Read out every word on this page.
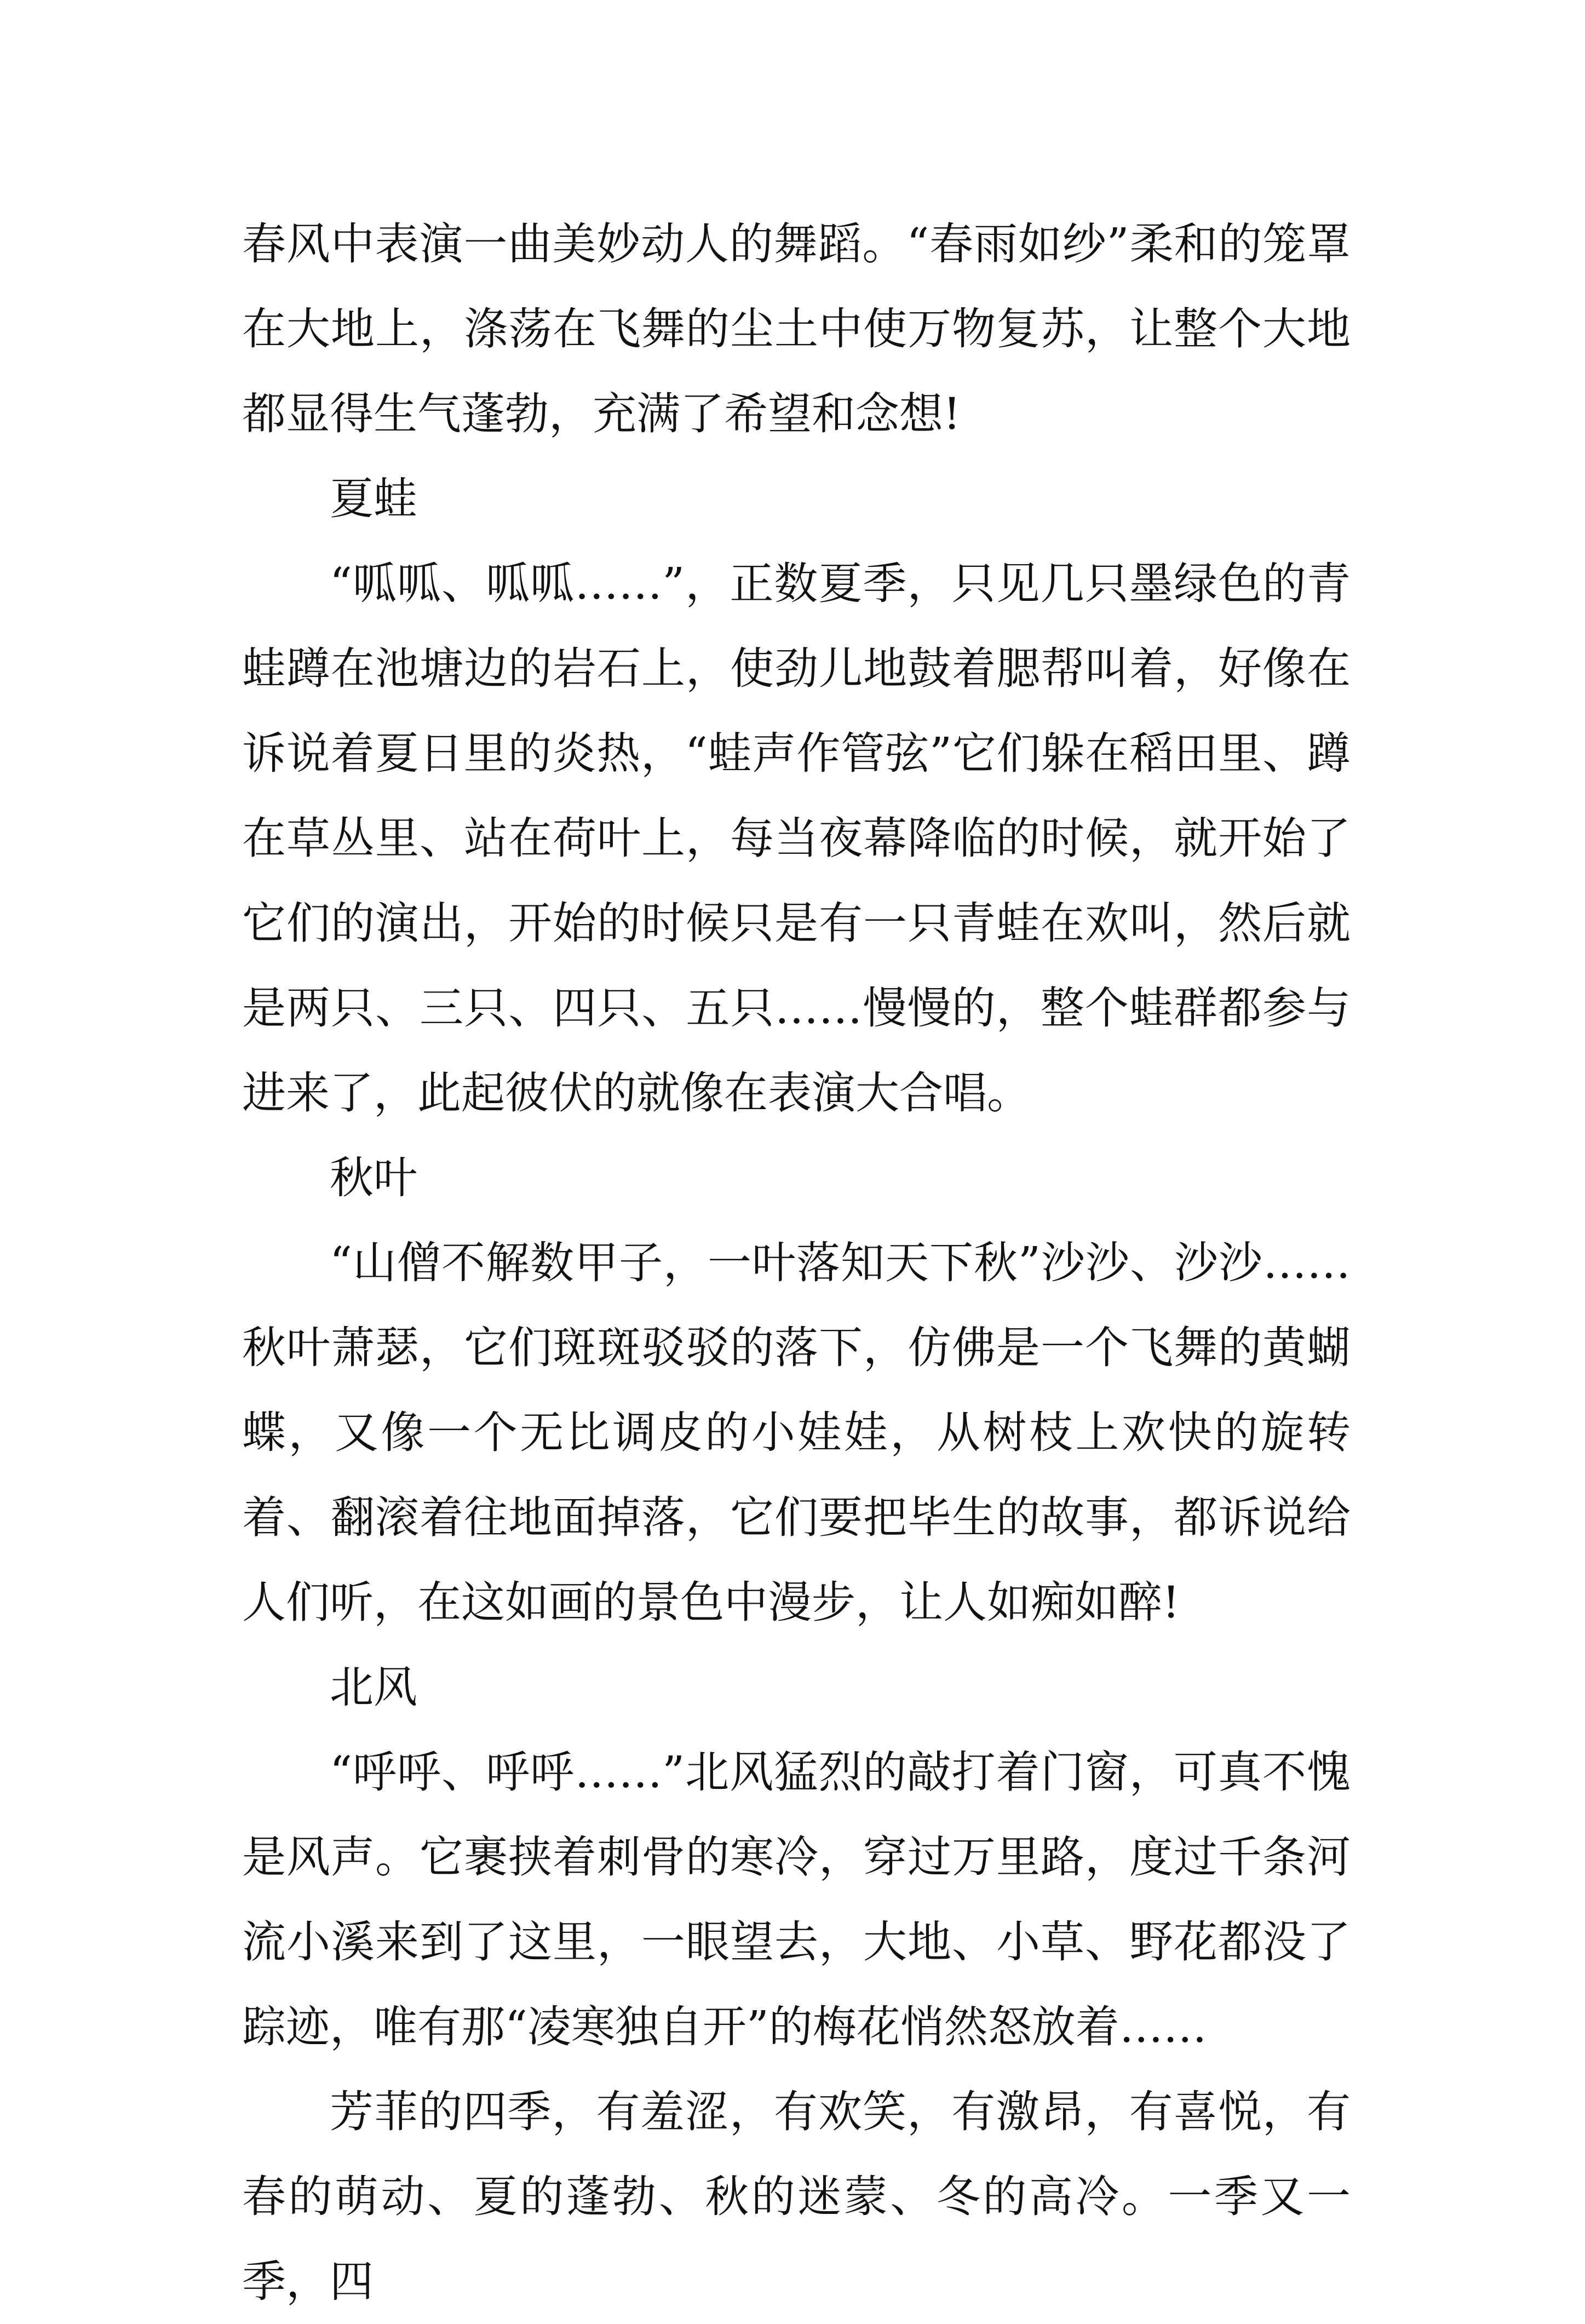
春风中表演一曲美妙动人的舞蹈。“春雨如纱”柔和的笼罩在大地上，涤荡在飞舞的尘土中使万物复苏，让整个大地都显得生气蓬勃，充满了希望和念想!

夏蛙

“呱呱、呱呱……”，正数夏季，只见几只墨绿色的青蛙蹲在池塘边的岩石上，使劲儿地鼓着腮帮叫着，好像在诉说着夏日里的炎热，“蛙声作管弦”它们躲在稻田里、蹲在草丛里、站在荷叶上，每当夜幕降临的时候，就开始了它们的演出，开始的时候只是有一只青蛙在欢叫，然后就是两只、三只、四只、五只……慢慢的，整个蛙群都参与进来了，此起彼伏的就像在表演大合唱。

秋叶

“山僧不解数甲子，一叶落知天下秋”沙沙、沙沙……秋叶萧瑟，它们斑斑驳驳的落下，仿佛是一个飞舞的黄蝴蝶，又像一个无比调皮的小娃娃，从树枝上欢快的旋转着、翻滚着往地面掉落，它们要把毕生的故事，都诉说给人们听，在这如画的景色中漫步，让人如痴如醉!

北风

“呼呼、呼呼……”北风猛烈的敲打着门窗，可真不愧是风声。它裹挟着刺骨的寒冷，穿过万里路，度过千条河流小溪来到了这里，一眼望去，大地、小草、野花都没了踪迹，唯有那“凌寒独自开”的梅花悄然怒放着……

芳菲的四季，有羞涩，有欢笑，有激昂，有喜悦，有春的萌动、夏的蓬勃、秋的迷蒙、冬的高冷。一季又一季，四
